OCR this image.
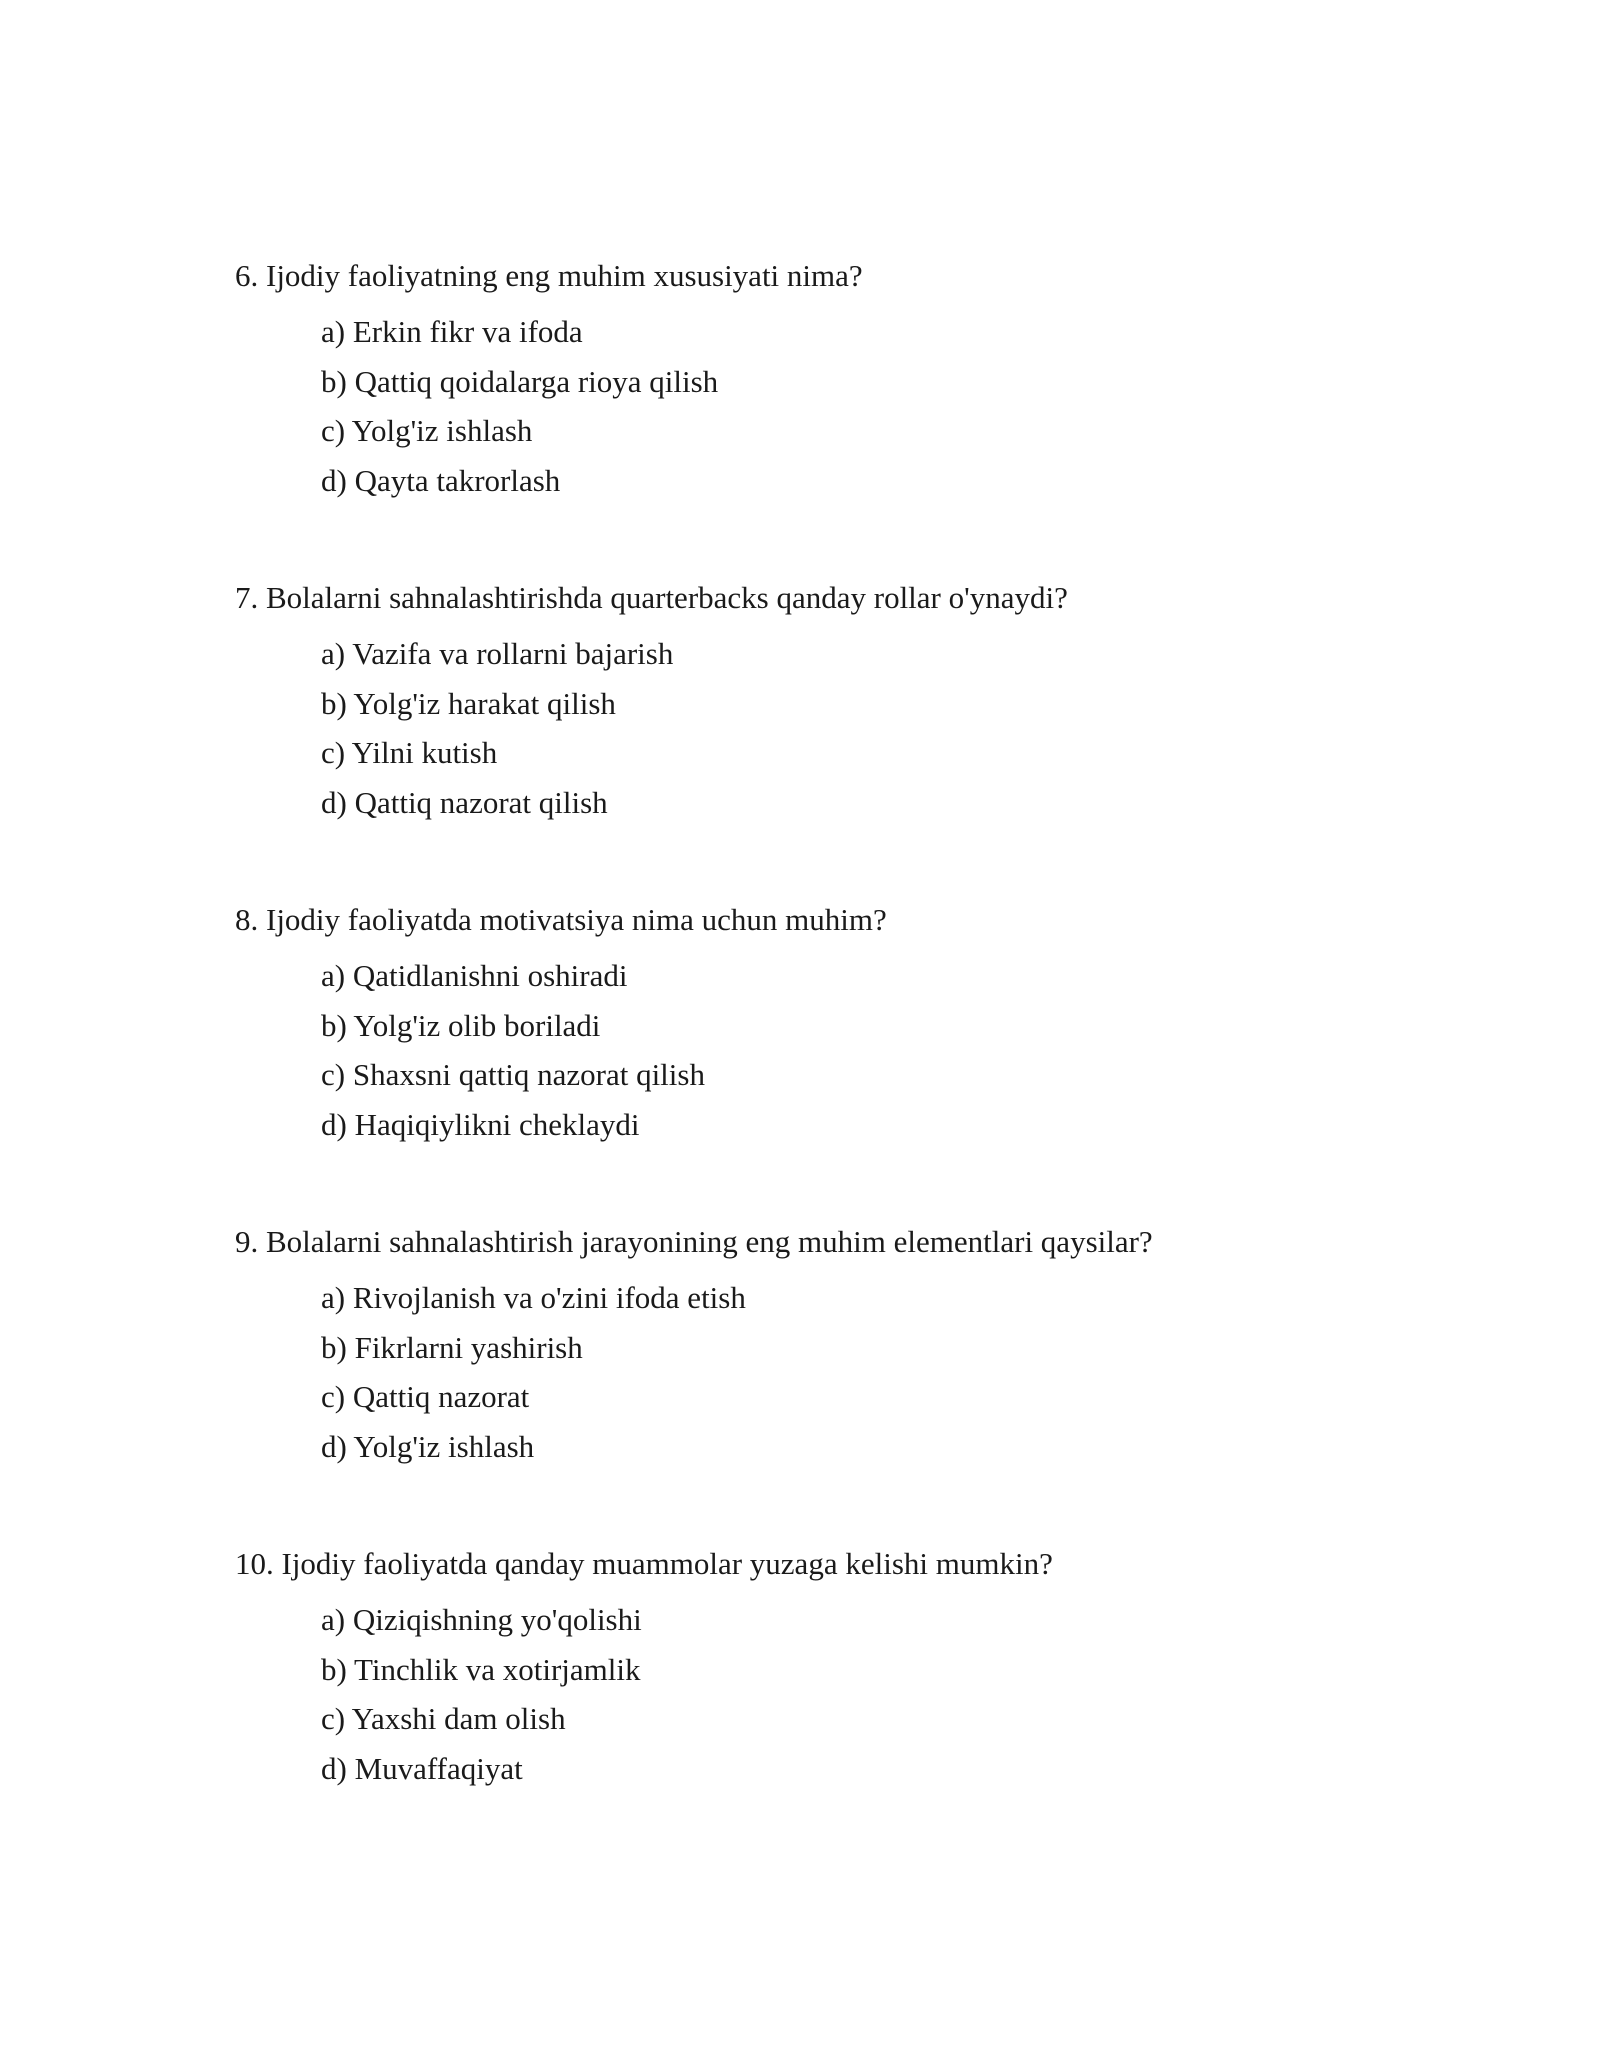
6. Ijodiy faoliyatning eng muhim xususiyati nima?

a) Erkin fikr va ifoda
b) Qattiq qoidalarga rioya qilish
c) Yolg'iz ishlash
d) Qayta takrorlash

7. Bolalarni sahnalashtirishda quarterbacks qanday rollar o'ynaydi?

a) Vazifa va rollarni bajarish
b) Yolg'iz harakat qilish
c) Yilni kutish
d) Qattiq nazorat qilish

8. Ijodiy faoliyatda motivatsiya nima uchun muhim?

a) Qatidlanishni oshiradi
b) Yolg'iz olib boriladi
c) Shaxsni qattiq nazorat qilish
d) Haqiqiylikni cheklaydi

9. Bolalarni sahnalashtirish jarayonining eng muhim elementlari qaysilar?

a) Rivojlanish va o'zini ifoda etish
b) Fikrlarni yashirish
c) Qattiq nazorat
d) Yolg'iz ishlash

10. Ijodiy faoliyatda qanday muammolar yuzaga kelishi mumkin?

a) Qiziqishning yo'qolishi
b) Tinchlik va xotirjamlik
c) Yaxshi dam olish
d) Muvaffaqiyat
